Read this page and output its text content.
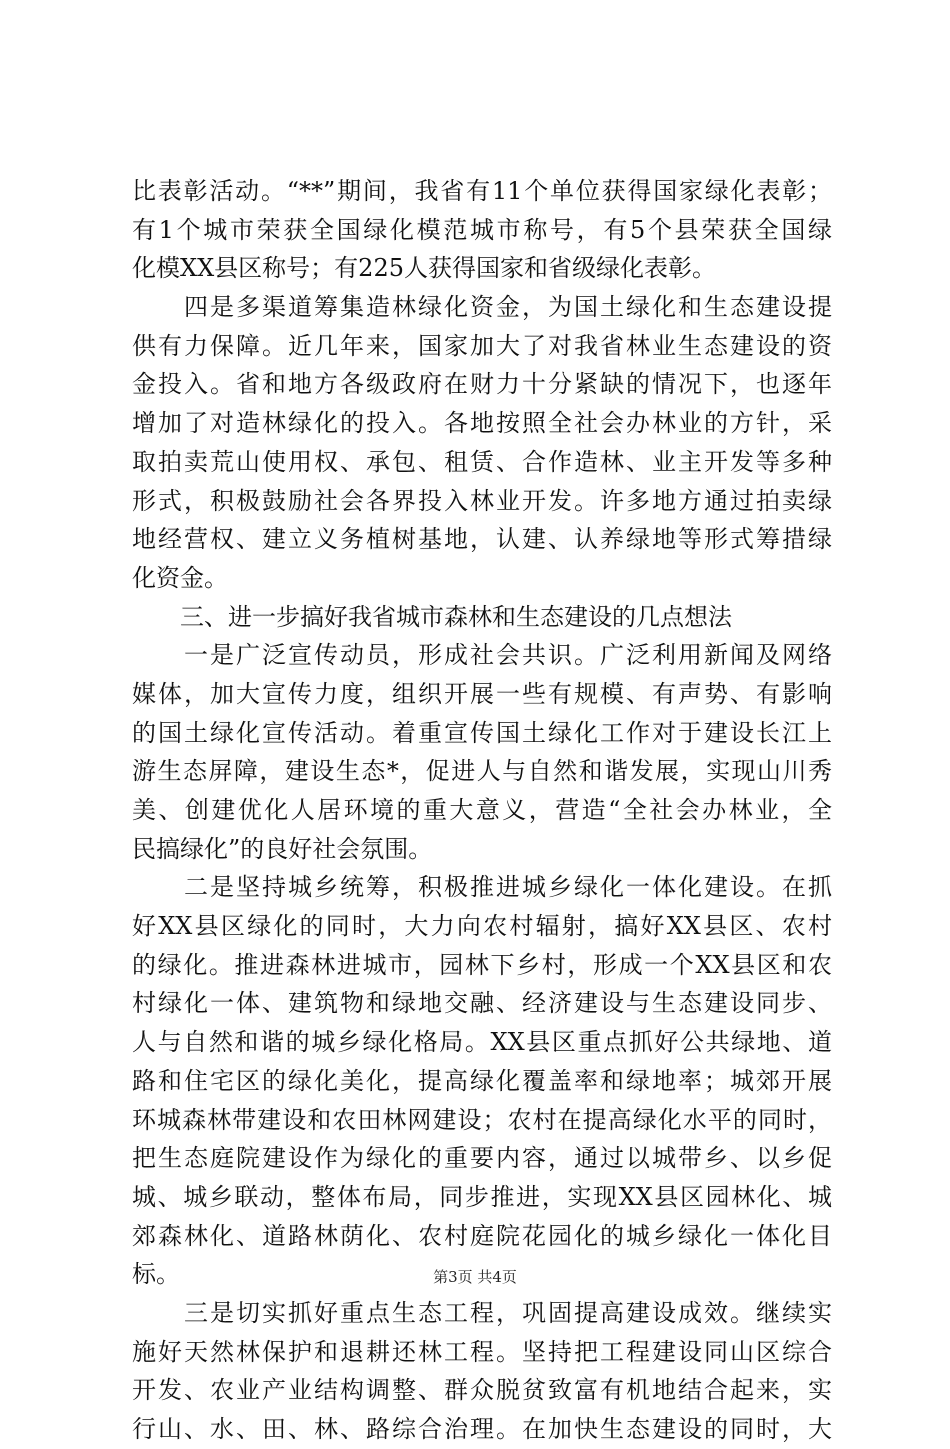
比表彰活动。“**”期间，我省有11个单位获得国家绿化表彰；
有1个城市荣获全国绿化模范城市称号，有5个县荣获全国绿
化模XX县区称号；有225人获得国家和省级绿化表彰。
　　四是多渠道筹集造林绿化资金，为国土绿化和生态建设提
供有力保障。近几年来，国家加大了对我省林业生态建设的资
金投入。省和地方各级政府在财力十分紧缺的情况下，也逐年
增加了对造林绿化的投入。各地按照全社会办林业的方针，采
取拍卖荒山使用权、承包、租赁、合作造林、业主开发等多种
形式，积极鼓励社会各界投入林业开发。许多地方通过拍卖绿
地经营权、建立义务植树基地，认建、认养绿地等形式筹措绿
化资金。
　　三、进一步搞好我省城市森林和生态建设的几点想法
　　一是广泛宣传动员，形成社会共识。广泛利用新闻及网络
媒体，加大宣传力度，组织开展一些有规模、有声势、有影响
的国土绿化宣传活动。着重宣传国土绿化工作对于建设长江上
游生态屏障，建设生态*，促进人与自然和谐发展，实现山川秀
美、创建优化人居环境的重大意义，营造“全社会办林业，全
民搞绿化”的良好社会氛围。
　　二是坚持城乡统筹，积极推进城乡绿化一体化建设。在抓
好XX县区绿化的同时，大力向农村辐射，搞好XX县区、农村
的绿化。推进森林进城市，园林下乡村，形成一个XX县区和农
村绿化一体、建筑物和绿地交融、经济建设与生态建设同步、
人与自然和谐的城乡绿化格局。XX县区重点抓好公共绿地、道
路和住宅区的绿化美化，提高绿化覆盖率和绿地率；城郊开展
环城森林带建设和农田林网建设；农村在提高绿化水平的同时，
把生态庭院建设作为绿化的重要内容，通过以城带乡、以乡促
城、城乡联动，整体布局，同步推进，实现XX县区园林化、城
郊森林化、道路林荫化、农村庭院花园化的城乡绿化一体化目
标。
　　三是切实抓好重点生态工程，巩固提高建设成效。继续实
施好天然林保护和退耕还林工程。坚持把工程建设同山区综合
开发、农业产业结构调整、群众脱贫致富有机地结合起来，实
行山、水、田、林、路综合治理。在加快生态建设的同时，大
第3页 共4页
